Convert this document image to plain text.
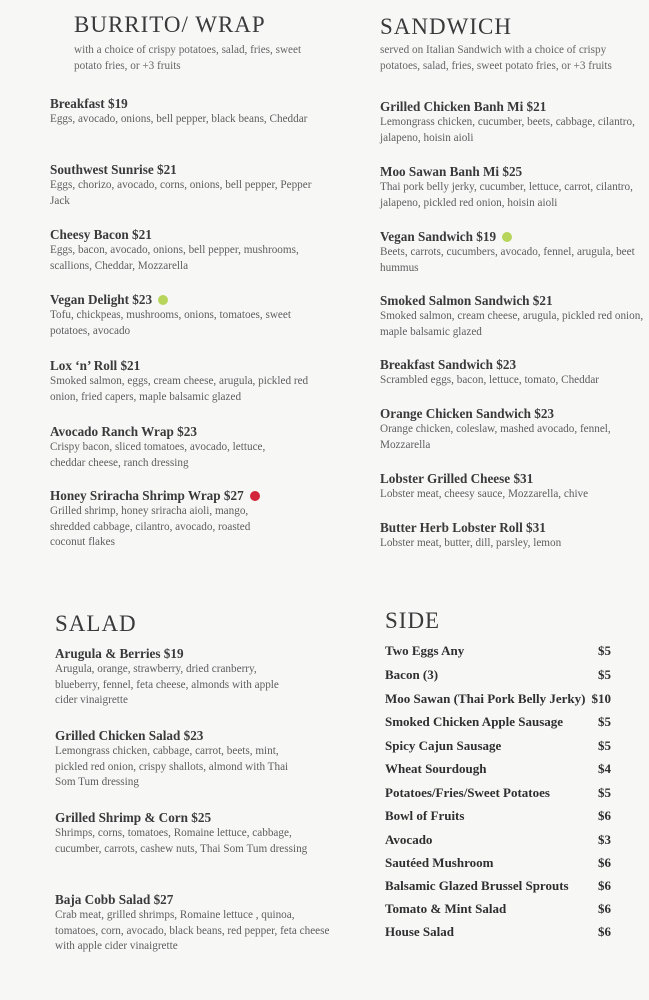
BURRITO/ WRAP
with a choice of crispy potatoes, salad, fries, sweet potato fries, or +3 fruits
Breakfast $19
Eggs, avocado, onions, bell pepper, black beans, Cheddar
Southwest Sunrise $21
Eggs, chorizo, avocado, corns, onions, bell pepper, Pepper Jack
Cheesy Bacon $21
Eggs, bacon, avocado, onions, bell pepper, mushrooms, scallions, Cheddar, Mozzarella
Vegan Delight $23
Tofu, chickpeas, mushrooms, onions, tomatoes, sweet potatoes, avocado
Lox ‘n’ Roll $21
Smoked salmon, eggs, cream cheese, arugula, pickled red onion, fried capers, maple balsamic glazed
Avocado Ranch Wrap $23
Crispy bacon, sliced tomatoes, avocado, lettuce, cheddar cheese, ranch dressing
Honey Sriracha Shrimp Wrap $27
Grilled shrimp, honey sriracha aioli, mango, shredded cabbage, cilantro, avocado, roasted coconut flakes
SANDWICH
served on Italian Sandwich with a choice of crispy potatoes, salad, fries, sweet potato fries, or +3 fruits
Grilled Chicken Banh Mi $21
Lemongrass chicken, cucumber, beets, cabbage, cilantro, jalapeno, hoisin aioli
Moo Sawan Banh Mi $25
Thai pork belly jerky, cucumber, lettuce, carrot, cilantro, jalapeno, pickled red onion, hoisin aioli
Vegan Sandwich $19
Beets, carrots, cucumbers, avocado, fennel, arugula, beet hummus
Smoked Salmon Sandwich $21
Smoked salmon, cream cheese, arugula, pickled red onion, maple balsamic glazed
Breakfast Sandwich $23
Scrambled eggs, bacon, lettuce, tomato, Cheddar
Orange Chicken Sandwich $23
Orange chicken, coleslaw, mashed avocado, fennel, Mozzarella
Lobster Grilled Cheese $31
Lobster meat, cheesy sauce, Mozzarella, chive
Butter Herb Lobster Roll $31
Lobster meat, butter, dill, parsley, lemon
SALAD
Arugula & Berries $19
Arugula, orange, strawberry, dried cranberry, blueberry, fennel, feta cheese, almonds with apple cider vinaigrette
Grilled Chicken Salad $23
Lemongrass chicken, cabbage, carrot, beets, mint, pickled red onion, crispy shallots, almond with Thai Som Tum dressing
Grilled Shrimp & Corn $25
Shrimps, corns, tomatoes, Romaine lettuce, cabbage, cucumber, carrots, cashew nuts, Thai Som Tum dressing
Baja Cobb Salad $27
Crab meat, grilled shrimps, Romaine lettuce , quinoa, tomatoes, corn, avocado, black beans, red pepper, feta cheese with apple cider vinaigrette
SIDE
Two Eggs Any	$5
Bacon (3)	$5
Moo Sawan (Thai Pork Belly Jerky) $10
Smoked Chicken Apple Sausage	$5
Spicy Cajun Sausage	$5
Wheat Sourdough	$4
Potatoes/Fries/Sweet Potatoes	$5
Bowl of Fruits	$6
Avocado	$3
Sautéed Mushroom	$6
Balsamic Glazed Brussel Sprouts $6
Tomato & Mint Salad	$6
House Salad	$6
